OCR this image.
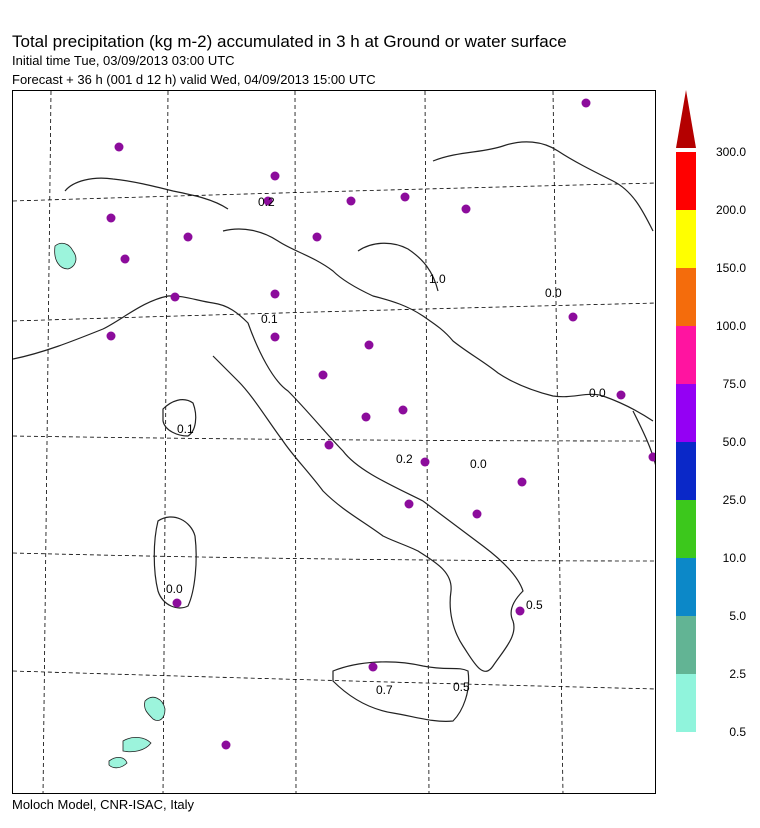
Total precipitation (kg m-2) accumulated in 3 h at Ground or water surface
Initial time Tue, 03/09/2013 03:00 UTC
Forecast + 36 h (001 d 12 h) valid Wed, 04/09/2013 15:00 UTC
0.2
0.1
0.1
1.0
0.0
0.0
0.2	0.0
0.0
0.5
0.7	0.5
0.5
2.5
5.0
10.0
25.0
50.0
75.0
100.0
150.0
200.0
300.0
Moloch Model, CNR-ISAC, Italy
